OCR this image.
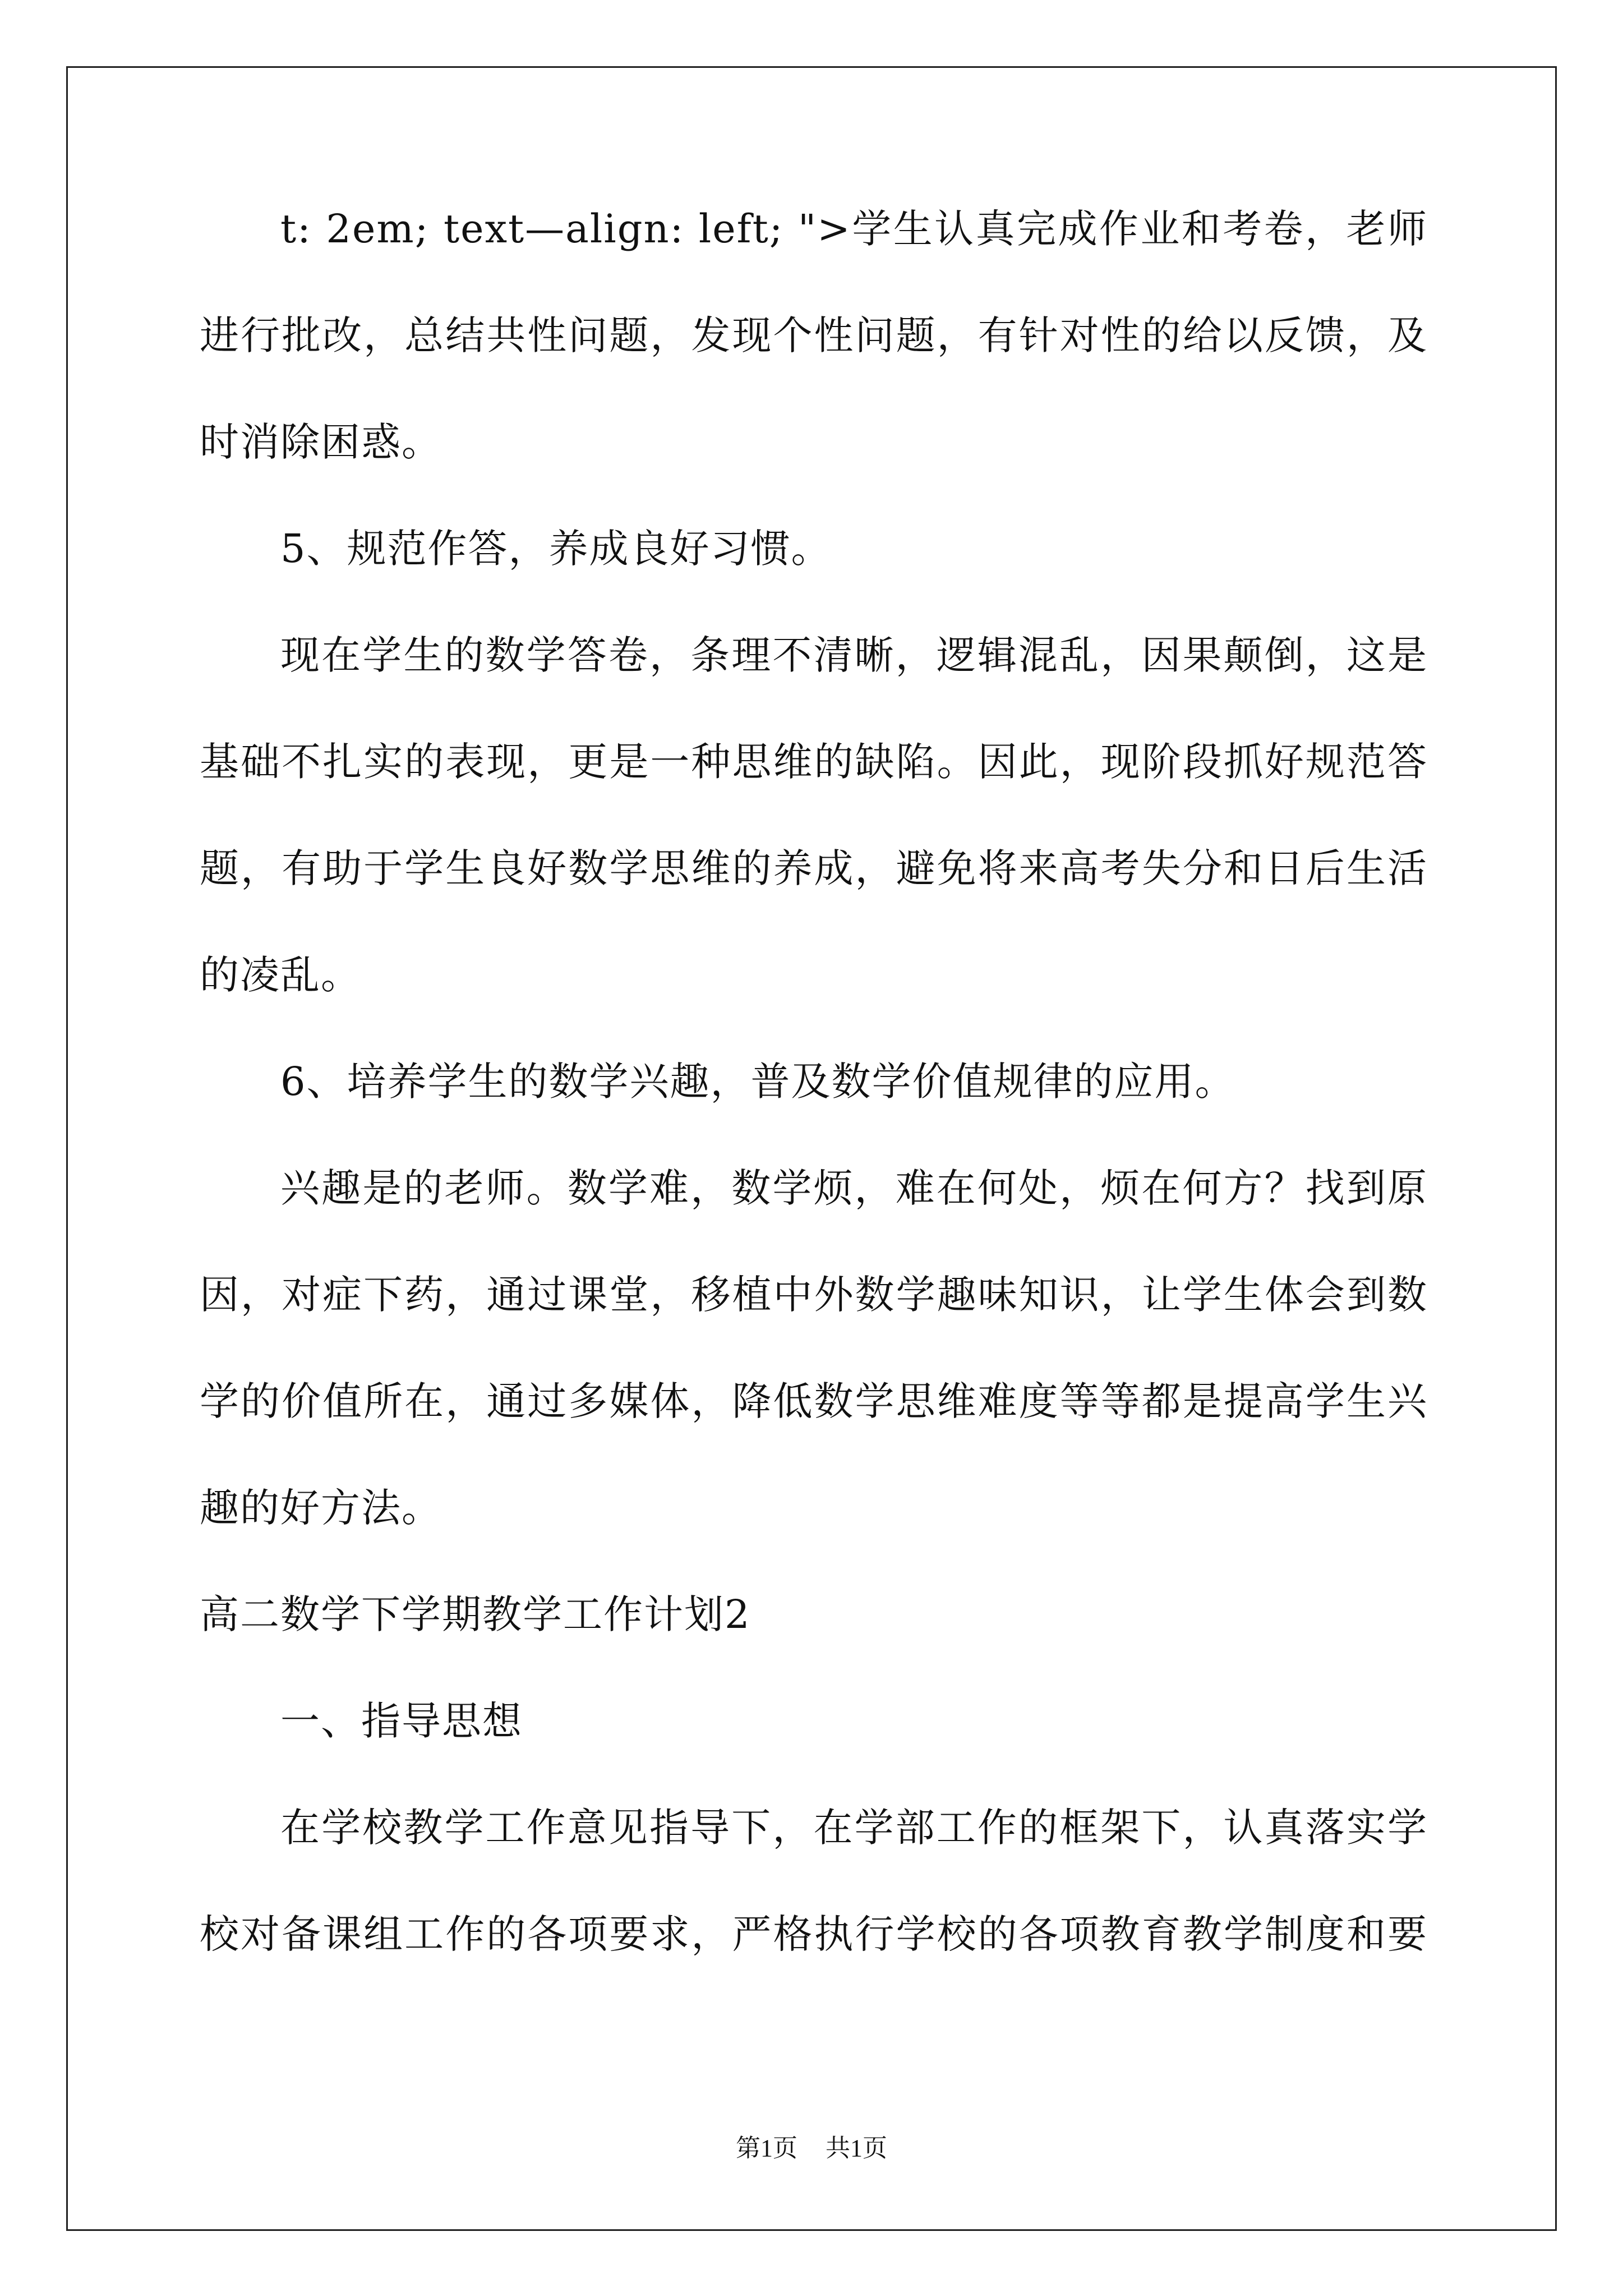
t: 2em; text—align: left; ">学生认真完成作业和考卷，老师
进行批改，总结共性问题，发现个性问题，有针对性的给以反馈，及
时消除困惑。
5、规范作答，养成良好习惯。
现在学生的数学答卷，条理不清晰，逻辑混乱，因果颠倒，这是
基础不扎实的表现，更是一种思维的缺陷。因此，现阶段抓好规范答
题，有助于学生良好数学思维的养成，避免将来高考失分和日后生活
的凌乱。
6、培养学生的数学兴趣，普及数学价值规律的应用。
兴趣是的老师。数学难，数学烦，难在何处，烦在何方？找到原
因，对症下药，通过课堂，移植中外数学趣味知识，让学生体会到数
学的价值所在，通过多媒体，降低数学思维难度等等都是提高学生兴
趣的好方法。
高二数学下学期教学工作计划2
一、指导思想
在学校教学工作意见指导下，在学部工作的框架下，认真落实学
校对备课组工作的各项要求，严格执行学校的各项教育教学制度和要
第1页 共1页
